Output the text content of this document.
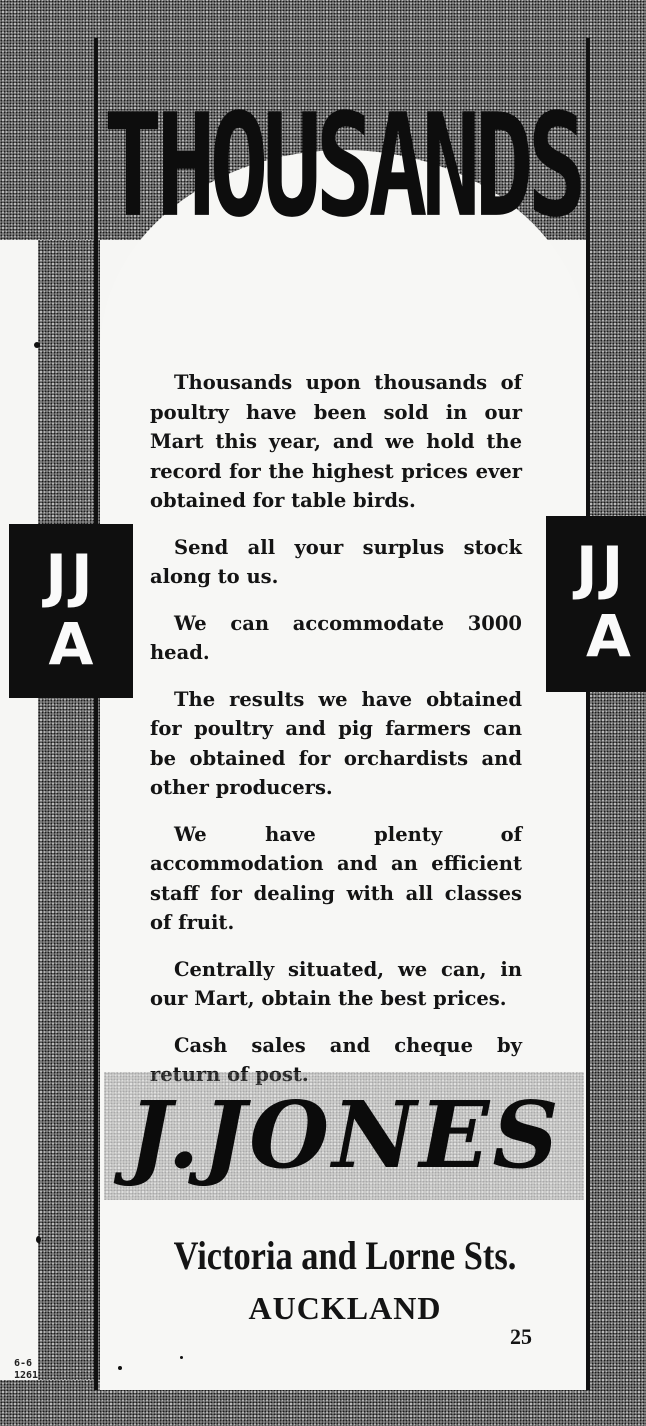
THOUSANDS
JJ
A
JJ
A

Thousands upon thousands of poultry have been sold in our Mart this year, and we hold the record for the highest prices ever obtained for table birds.

Send all your surplus stock along to us.

We can accommodate 3000 head.

The results we have obtained for poultry and pig farmers can be obtained for orchardists and other producers.

We have plenty of accommodation and an efficient staff for dealing with all classes of fruit.

Centrally situated, we can, in our Mart, obtain the best prices.

Cash sales and cheque by return of post.

J.JONES
Victoria and Lorne Sts.
AUCKLAND
25
6-6
1261
